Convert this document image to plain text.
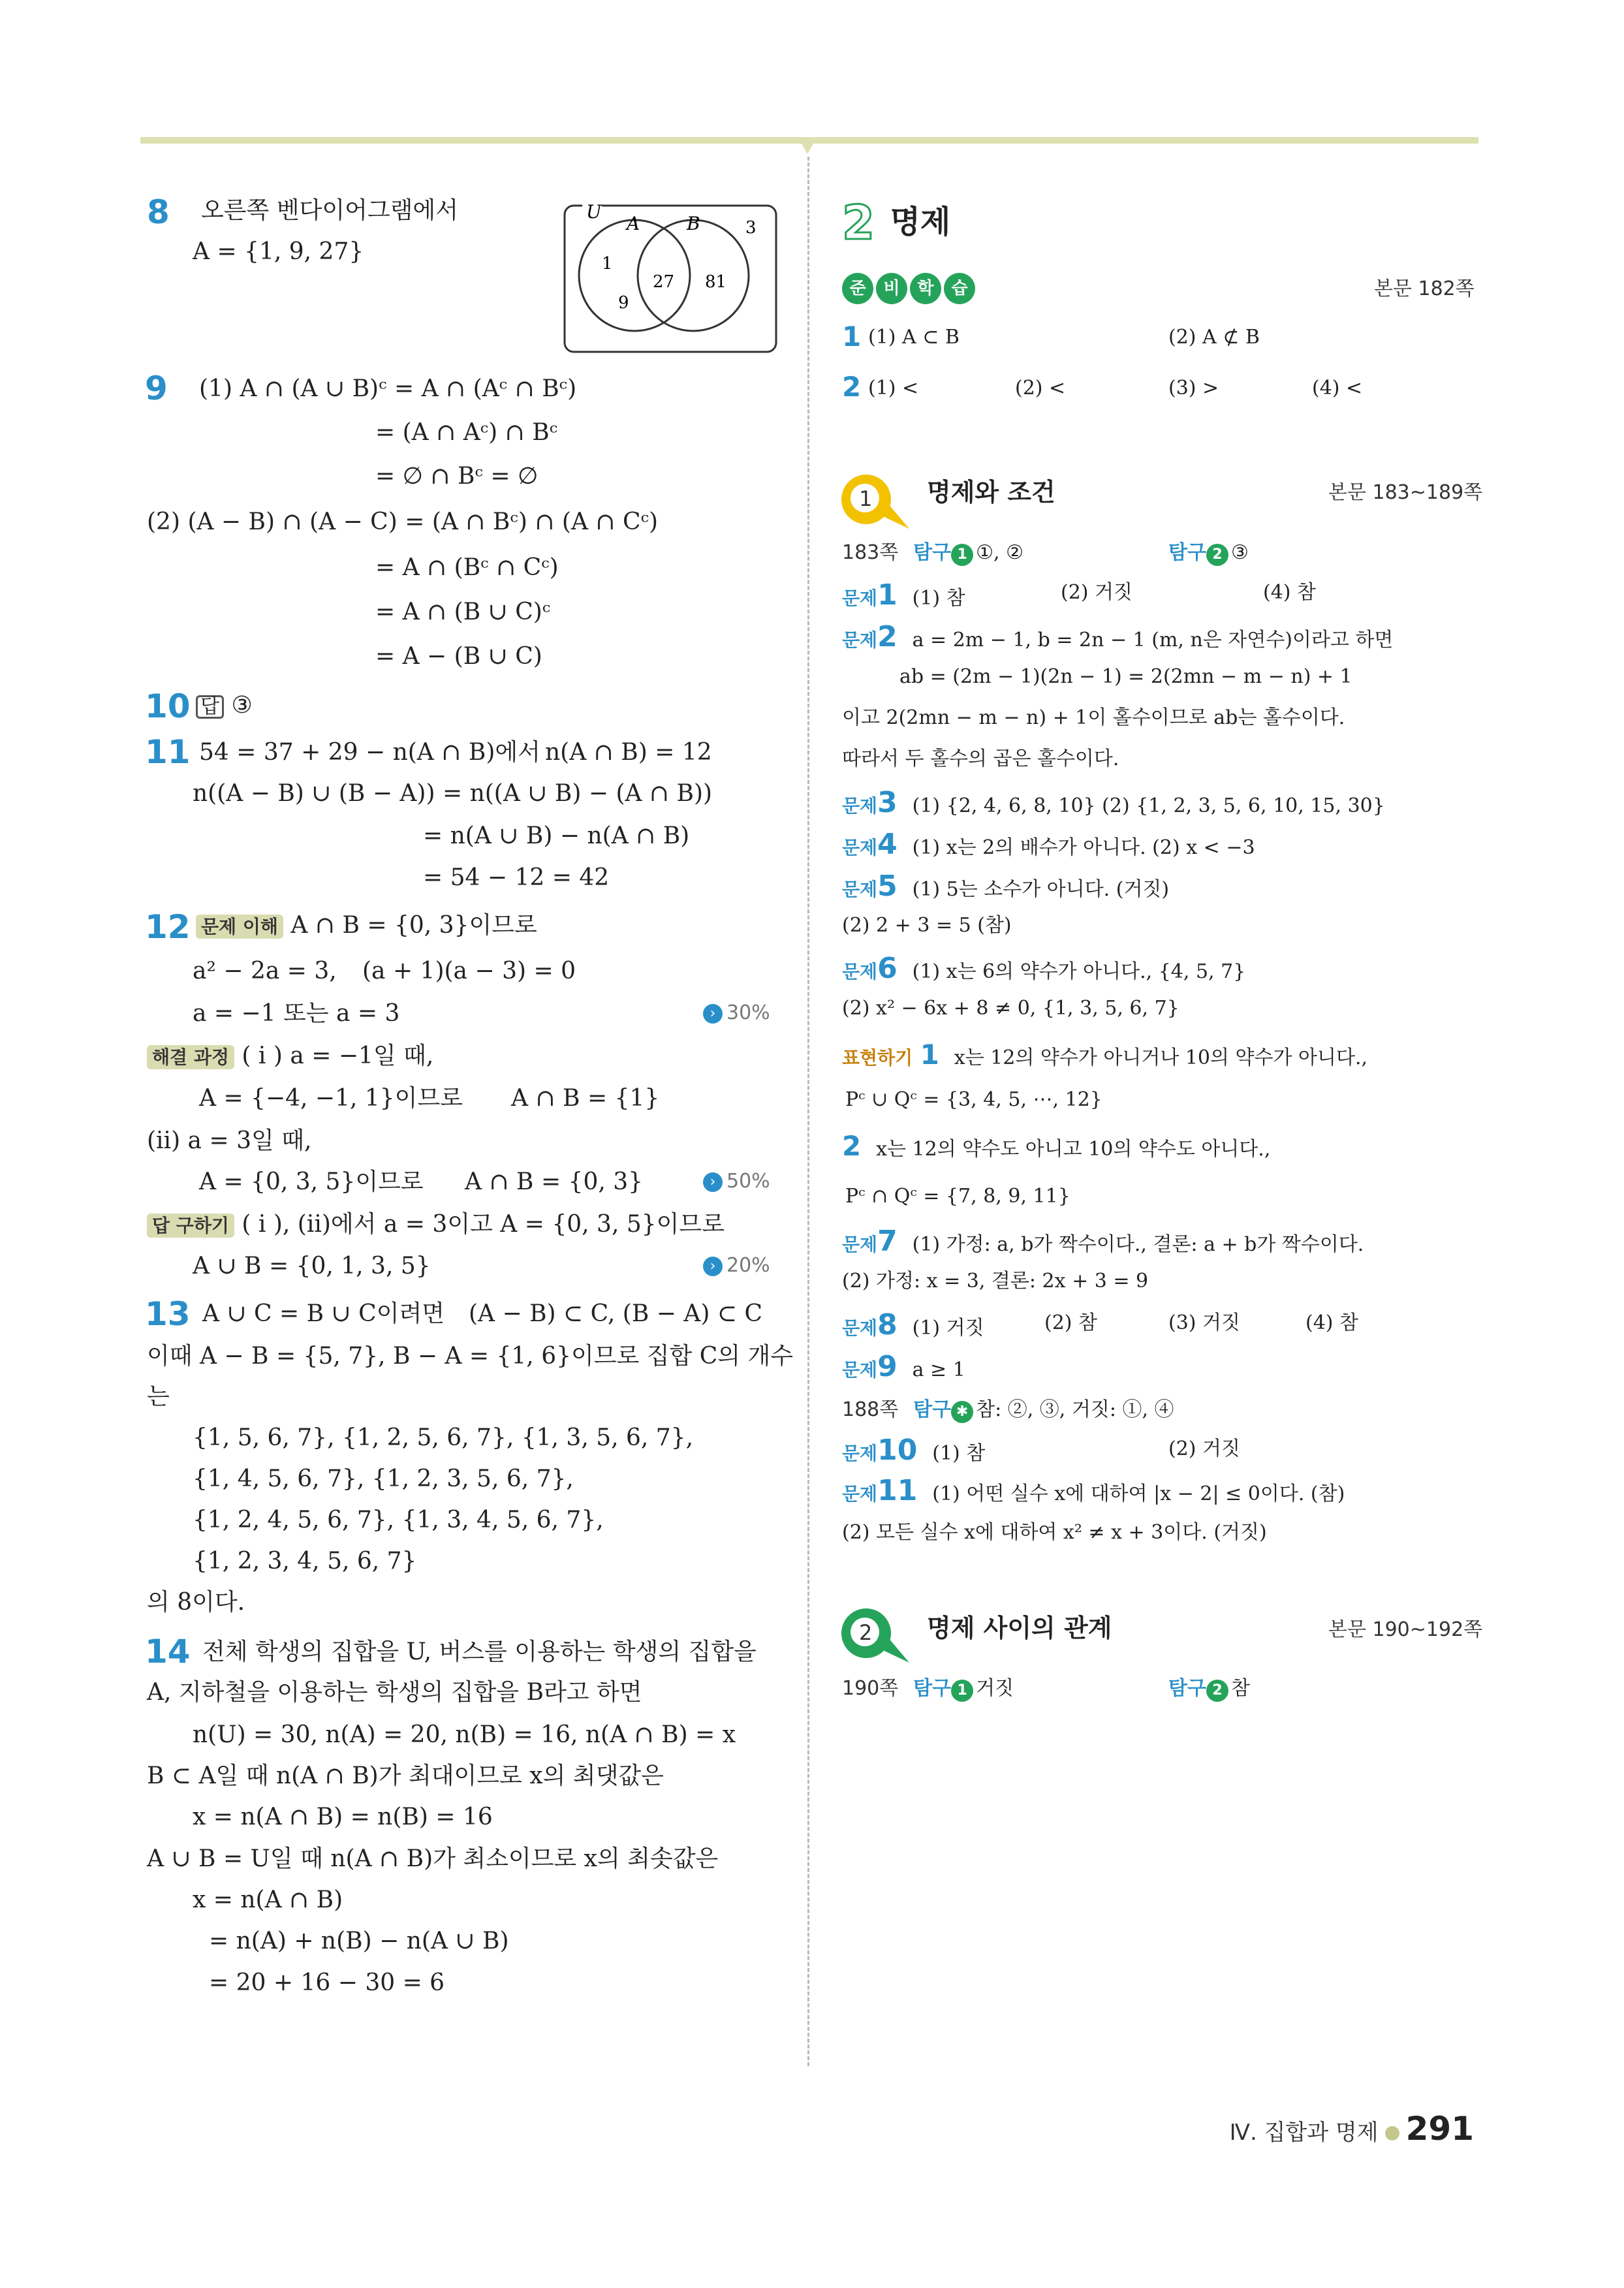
8 오른쪽 벤다이어그램에서
A = {1, 9, 27}
U
A	B	3
1
9
27 81
9 (1) A ∩ (A ∪ B)ᶜ = A ∩ (Aᶜ ∩ Bᶜ)
= (A ∩ Aᶜ) ∩ Bᶜ
= ∅ ∩ Bᶜ = ∅
(2) (A − B) ∩ (A − C) = (A ∩ Bᶜ) ∩ (A ∩ Cᶜ)
= A ∩ (Bᶜ ∩ Cᶜ)
= A ∩ (B ∪ C)ᶜ
= A − (B ∪ C)
10 답 ③
11 54 = 37 + 29 − n(A ∩ B)에서 n(A ∩ B) = 12
n((A − B) ∪ (B − A)) = n((A ∪ B) − (A ∩ B))
= n(A ∪ B) − n(A ∩ B)
= 54 − 12 = 42
12 문제 이해 A ∩ B = {0, 3}이므로
a² − 2a = 3, (a + 1)(a − 3) = 0
a = −1 또는 a = 3	› 30%
해결 과정 ( i ) a = −1일 때,
A = {−4, −1, 1}이므로 A ∩ B = {1}
(ii) a = 3일 때,
A = {0, 3, 5}이므로 A ∩ B = {0, 3}	› 50%
답 구하기 ( i ), (ii)에서 a = 3이고 A = {0, 3, 5}이므로
A ∪ B = {0, 1, 3, 5}	› 20%
13 A ∪ C = B ∪ C이려면 (A − B) ⊂ C, (B − A) ⊂ C
이때 A − B = {5, 7}, B − A = {1, 6}이므로 집합 C의 개수
는
{1, 5, 6, 7}, {1, 2, 5, 6, 7}, {1, 3, 5, 6, 7},
{1, 4, 5, 6, 7}, {1, 2, 3, 5, 6, 7},
{1, 2, 4, 5, 6, 7}, {1, 3, 4, 5, 6, 7},
{1, 2, 3, 4, 5, 6, 7}
의 8이다.
14 전체 학생의 집합을 U, 버스를 이용하는 학생의 집합을
A, 지하철을 이용하는 학생의 집합을 B라고 하면
n(U) = 30, n(A) = 20, n(B) = 16, n(A ∩ B) = x
B ⊂ A일 때 n(A ∩ B)가 최대이므로 x의 최댓값은
x = n(A ∩ B) = n(B) = 16
A ∪ B = U일 때 n(A ∩ B)가 최소이므로 x의 최솟값은
x = n(A ∩ B)
= n(A) + n(B) − n(A ∪ B)
= 20 + 16 − 30 = 6
2 명제
준 비 학 습	본문 182쪽
1 (1) A ⊂ B	(2) A ⊄ B
2 (1) <	(2) <	(3) >	(4) <
1 명제와 조건	본문 183~189쪽
183쪽 탐구 1 ①, ②	탐구 2 ③
문제1 (1) 참	(2) 거짓	(4) 참
문제2 a = 2m − 1, b = 2n − 1 (m, n은 자연수)이라고 하면
ab = (2m − 1)(2n − 1) = 2(2mn − m − n) + 1
이고 2(2mn − m − n) + 1이 홀수이므로 ab는 홀수이다.
따라서 두 홀수의 곱은 홀수이다.
문제3 (1) {2, 4, 6, 8, 10} (2) {1, 2, 3, 5, 6, 10, 15, 30}
문제4 (1) x는 2의 배수가 아니다. (2) x < −3
문제5 (1) 5는 소수가 아니다. (거짓)
(2) 2 + 3 = 5 (참)
문제6 (1) x는 6의 약수가 아니다., {4, 5, 7}
(2) x² − 6x + 8 ≠ 0, {1, 3, 5, 6, 7}
표현하기 1 x는 12의 약수가 아니거나 10의 약수가 아니다.,
Pᶜ ∪ Qᶜ = {3, 4, 5, ⋯, 12}
2 x는 12의 약수도 아니고 10의 약수도 아니다.,
Pᶜ ∩ Qᶜ = {7, 8, 9, 11}
문제7 (1) 가정: a, b가 짝수이다., 결론: a + b가 짝수이다.
(2) 가정: x = 3, 결론: 2x + 3 = 9
문제8 (1) 거짓	(2) 참	(3) 거짓	(4) 참
문제9 a ≥ 1
188쪽 탐구 ✱ 참: ②, ③, 거짓: ①, ④
문제10 (1) 참	(2) 거짓
문제11 (1) 어떤 실수 x에 대하여 |x − 2| ≤ 0이다. (참)
(2) 모든 실수 x에 대하여 x² ≠ x + 3이다. (거짓)
2 명제 사이의 관계	본문 190~192쪽
190쪽 탐구 1 거짓	탐구 2 참
Ⅳ. 집합과 명제 291
